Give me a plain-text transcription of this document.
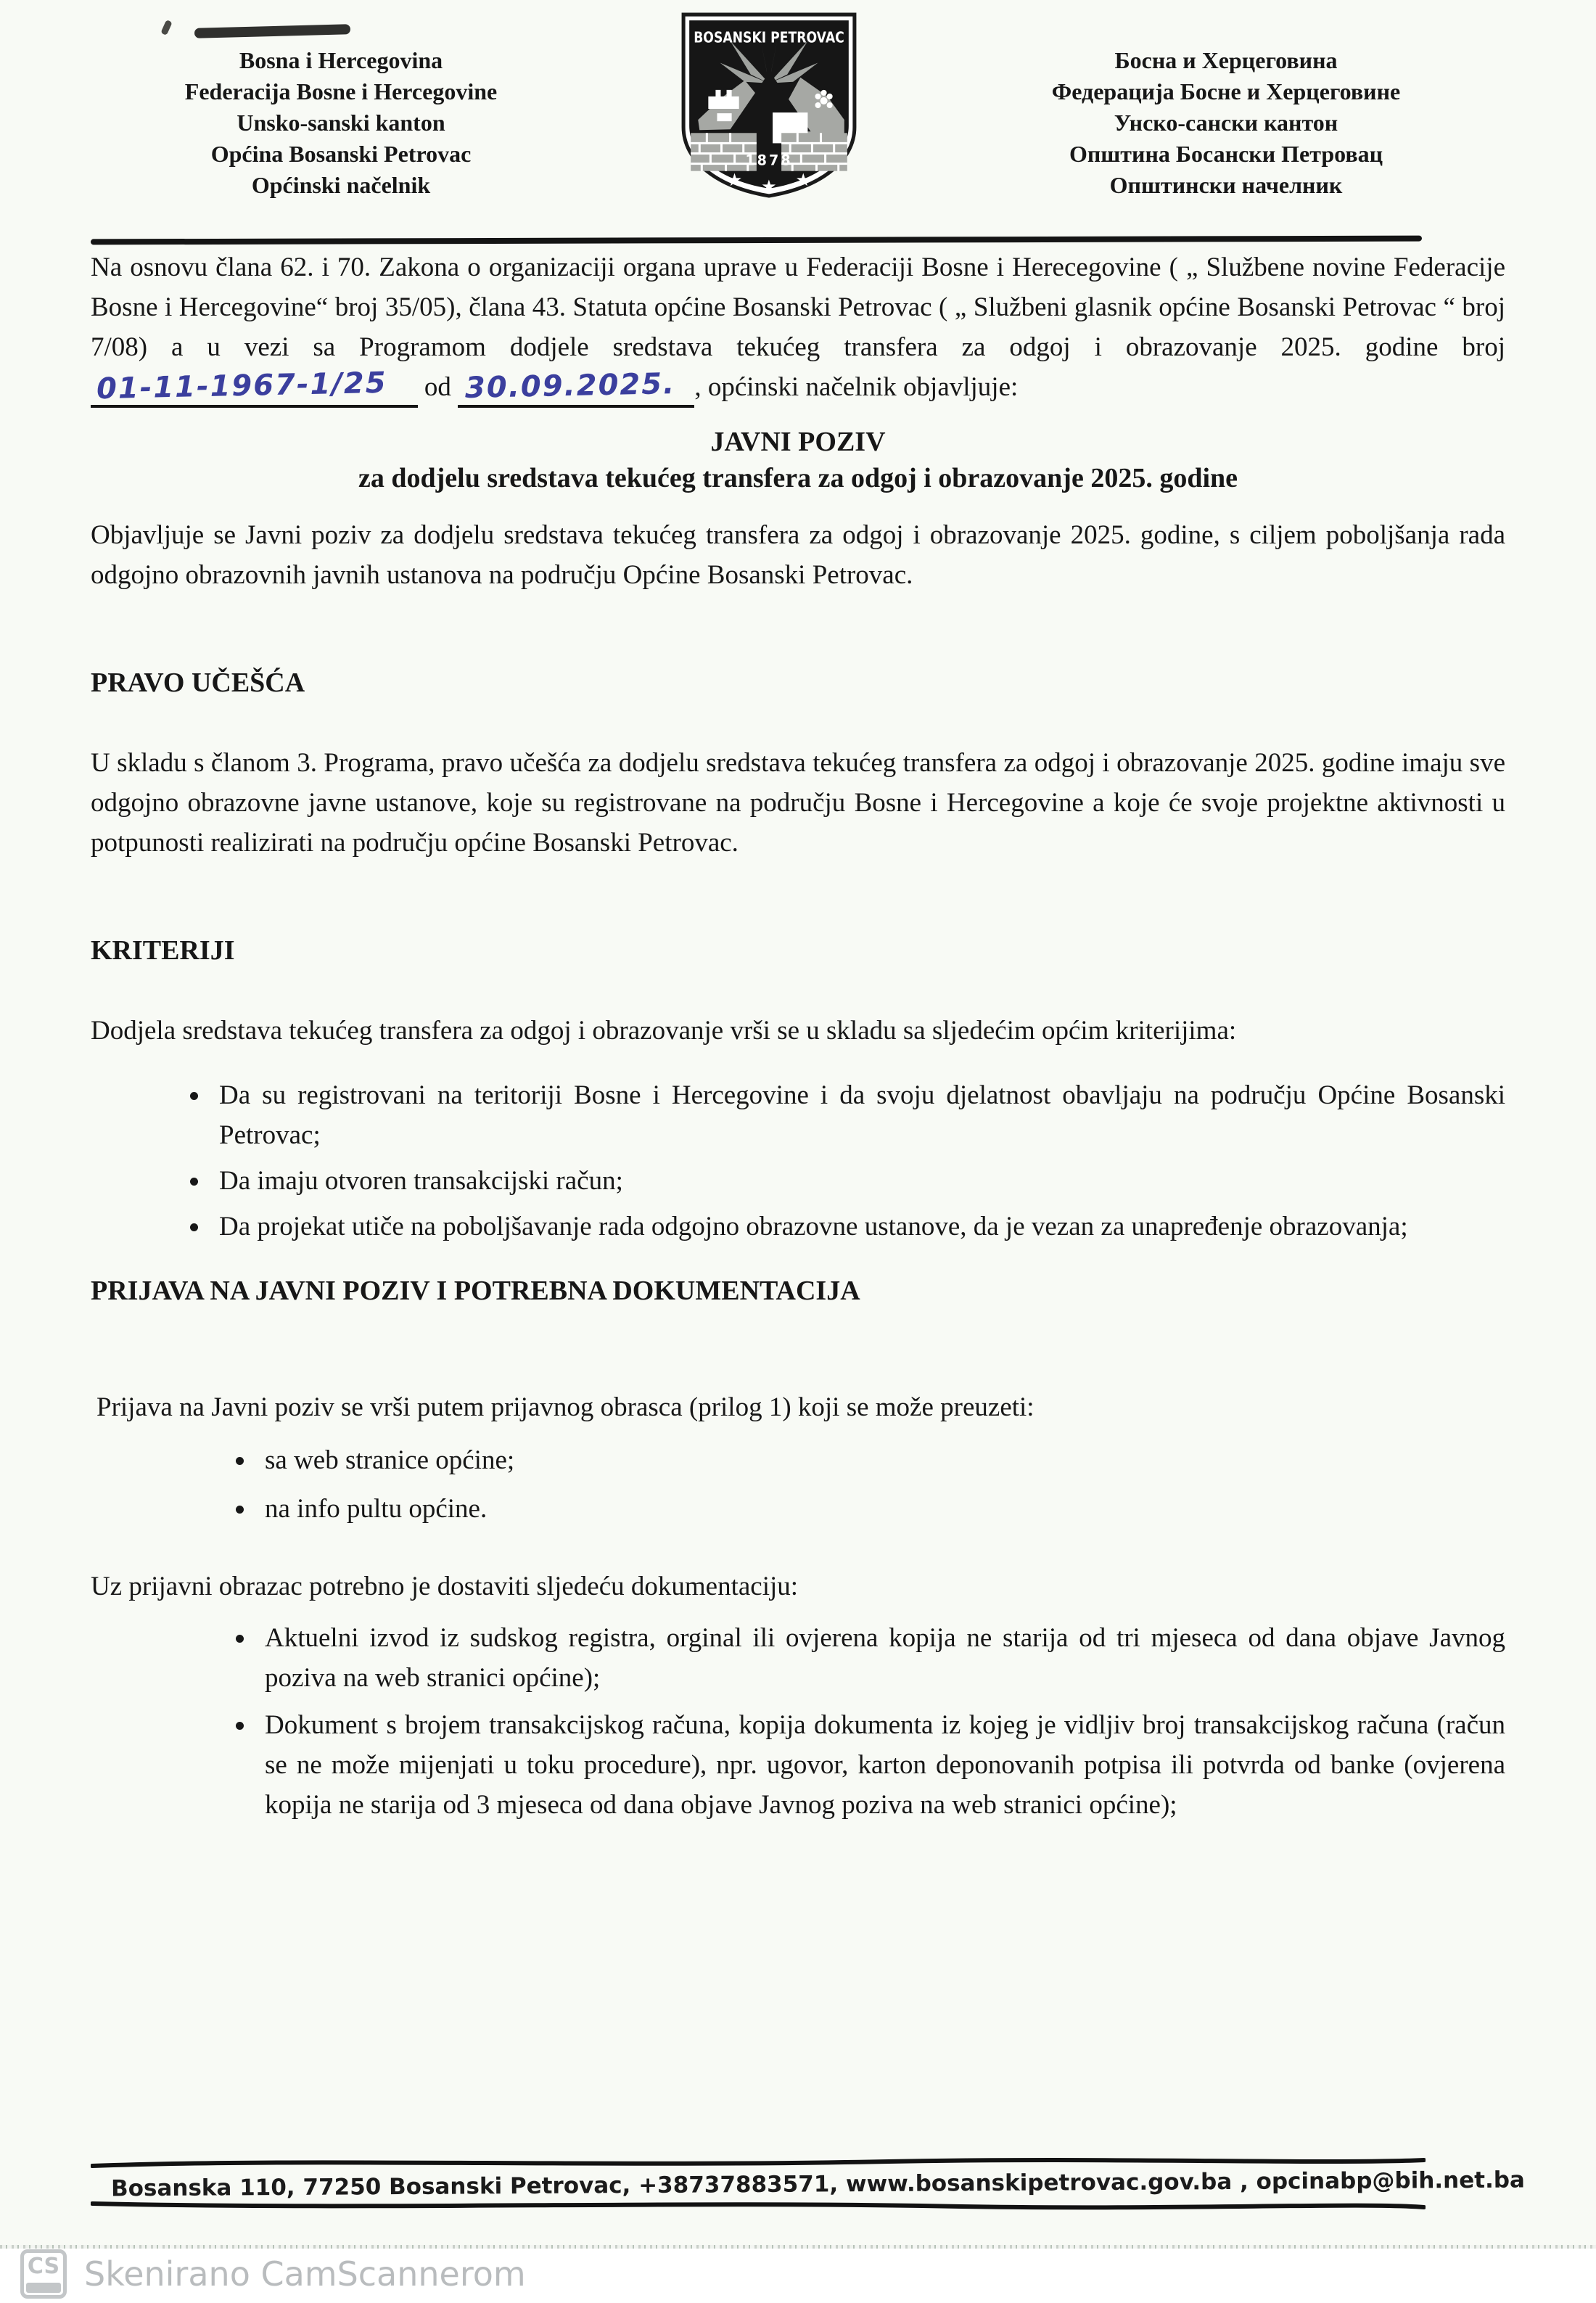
Bosna i Hercegovina
Federacija Bosne i Hercegovine
Unsko-sanski kanton
Općina Bosanski Petrovac
Općinski načelnik
BOSANSKI PETROVAC
1878
★ ★ ★
Босна и Херцеговина
Федерација Босне и Херцеговине
Унско-сански кантон
Општина Босански Петровац
Општински начелник

Na osnovu člana 62. i 70. Zakona o organizaciji organa uprave u Federaciji Bosne i Herecegovine ( „ Službene novine Federacije Bosne i Hercegovine“ broj 35/05), člana 43. Statuta općine Bosanski Petrovac ( „ Službeni glasnik općine Bosanski Petrovac “ broj 7/08) a u vezi sa Programom dodjele sredstava tekućeg transfera za odgoj i obrazovanje 2025. godine broj 01-11-1967-1/25 od 30.09.2025. , općinski načelnik objavljuje:

JAVNI POZIV
za dodjelu sredstava tekućeg transfera za odgoj i obrazovanje 2025. godine

Objavljuje se Javni poziv za dodjelu sredstava tekućeg transfera za odgoj i obrazovanje 2025. godine, s ciljem poboljšanja rada odgojno obrazovnih javnih ustanova na području Općine Bosanski Petrovac.

PRAVO UČEŠĆA

U skladu s članom 3. Programa, pravo učešća za dodjelu sredstava tekućeg transfera za odgoj i obrazovanje 2025. godine imaju sve odgojno obrazovne javne ustanove, koje su registrovane na području Bosne i Hercegovine a koje će svoje projektne aktivnosti u potpunosti realizirati na području općine Bosanski Petrovac.

KRITERIJI

Dodjela sredstava tekućeg transfera za odgoj i obrazovanje vrši se u skladu sa sljedećim općim kriterijima:

• Da su registrovani na teritoriji Bosne i Hercegovine i da svoju djelatnost obavljaju na području Općine Bosanski Petrovac;
• Da imaju otvoren transakcijski račun;
• Da projekat utiče na poboljšavanje rada odgojno obrazovne ustanove, da je vezan za unapređenje obrazovanja;
PRIJAVA NA JAVNI POZIV I POTREBNA DOKUMENTACIJA

Prijava na Javni poziv se vrši putem prijavnog obrasca (prilog 1) koji se može preuzeti:

• sa web stranice općine;
• na info pultu općine.

Uz prijavni obrazac potrebno je dostaviti sljedeću dokumentaciju:

• Aktuelni izvod iz sudskog registra, orginal ili ovjerena kopija ne starija od tri mjeseca od dana objave Javnog poziva na web stranici općine);
• Dokument s brojem transakcijskog računa, kopija dokumenta iz kojeg je vidljiv broj transakcijskog računa (račun se ne može mijenjati u toku procedure), npr. ugovor, karton deponovanih potpisa ili potvrda od banke (ovjerena kopija ne starija od 3 mjeseca od dana objave Javnog poziva na web stranici općine);
Bosanska 110, 77250 Bosanski Petrovac, +38737883571, www.bosanskipetrovac.gov.ba , opcinabp@bih.net.ba
CS Skenirano CamScannerom
